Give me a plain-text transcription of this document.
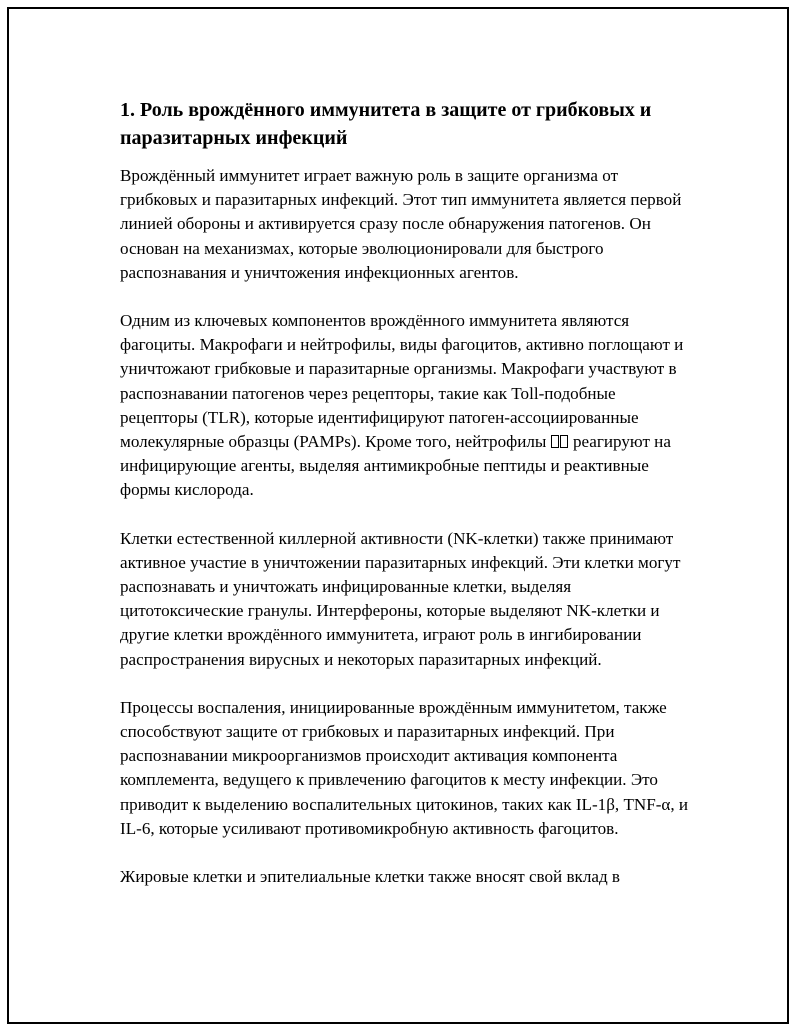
1. Роль врождённого иммунитета в защите от грибковых и паразитарных инфекций

Врождённый иммунитет играет важную роль в защите организма от грибковых и паразитарных инфекций. Этот тип иммунитета является первой линией обороны и активируется сразу после обнаружения патогенов. Он основан на механизмах, которые эволюционировали для быстрого распознавания и уничтожения инфекционных агентов.

Одним из ключевых компонентов врождённого иммунитета являются фагоциты. Макрофаги и нейтрофилы, виды фагоцитов, активно поглощают и уничтожают грибковые и паразитарные организмы. Макрофаги участвуют в распознавании патогенов через рецепторы, такие как Toll-подобные рецепторы (TLR), которые идентифицируют патоген-ассоциированные молекулярные образцы (PAMPs). Кроме того, нейтрофилы реагируют на инфицирующие агенты, выделяя антимикробные пептиды и реактивные формы кислорода.

Клетки естественной киллерной активности (NK-клетки) также принимают активное участие в уничтожении паразитарных инфекций. Эти клетки могут распознавать и уничтожать инфицированные клетки, выделяя цитотоксические гранулы. Интерфероны, которые выделяют NK-клетки и другие клетки врождённого иммунитета, играют роль в ингибировании распространения вирусных и некоторых паразитарных инфекций.

Процессы воспаления, инициированные врождённым иммунитетом, также способствуют защите от грибковых и паразитарных инфекций. При распознавании микроорганизмов происходит активация компонента комплемента, ведущего к привлечению фагоцитов к месту инфекции. Это приводит к выделению воспалительных цитокинов, таких как IL-1β, TNF-α, и IL-6, которые усиливают противомикробную активность фагоцитов.

Жировые клетки и эпителиальные клетки также вносят свой вклад в
